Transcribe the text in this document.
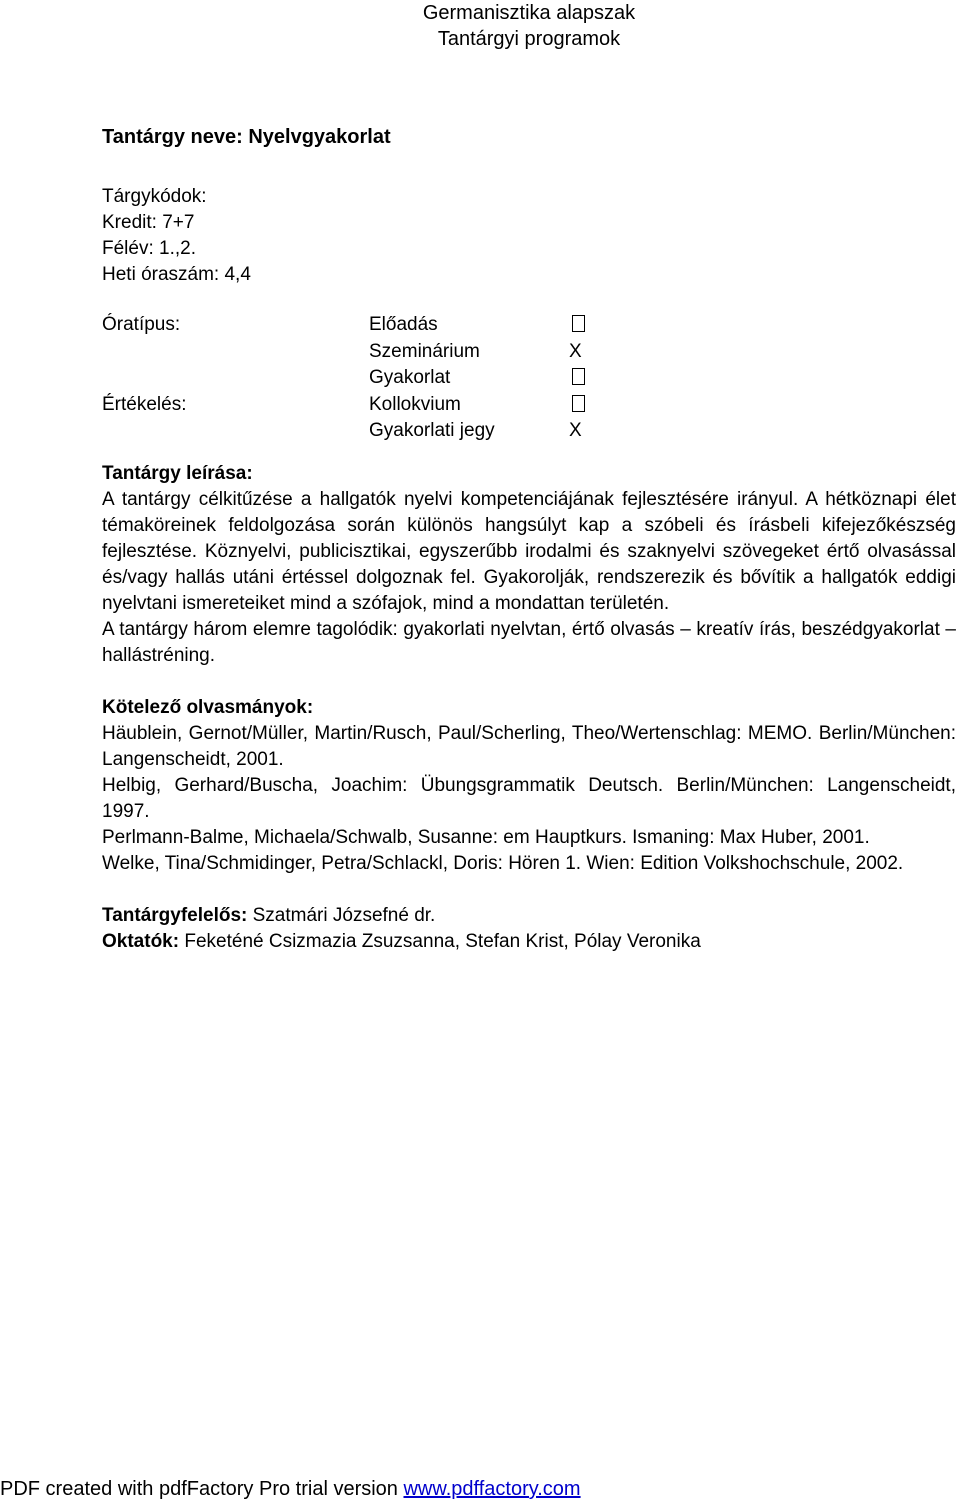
Germanisztika alapszak
Tantárgyi programok
Tantárgy neve: Nyelvgyakorlat
Tárgykódok:
Kredit: 7+7
Félév: 1.,2.
Heti óraszám: 4,4
Óratípus:	Előadás
Szeminárium	X
Gyakorlat
Értékelés:	Kollokvium
Gyakorlati jegy	X
Tantárgy leírása:
A tantárgy célkitűzése a hallgatók nyelvi kompetenciájának fejlesztésére irányul. A hétköznapi élet témaköreinek feldolgozása során különös hangsúlyt kap a szóbeli és írásbeli kifejezőkészség fejlesztése. Köznyelvi, publicisztikai, egyszerűbb irodalmi és szaknyelvi szövegeket értő olvasással és/vagy hallás utáni értéssel dolgoznak fel. Gyakorolják, rendszerezik és bővítik a hallgatók eddigi nyelvtani ismereteiket mind a szófajok, mind a mondattan területén.
A tantárgy három elemre tagolódik: gyakorlati nyelvtan, értő olvasás – kreatív írás, beszédgyakorlat – hallástréning.
Kötelező olvasmányok:
Häublein, Gernot/Müller, Martin/Rusch, Paul/Scherling, Theo/Wertenschlag: MEMO. Berlin/München: Langenscheidt, 2001.
Helbig, Gerhard/Buscha, Joachim: Übungsgrammatik Deutsch. Berlin/München: Langenscheidt, 1997.
Perlmann-Balme, Michaela/Schwalb, Susanne: em Hauptkurs. Ismaning: Max Huber, 2001.
Welke, Tina/Schmidinger, Petra/Schlackl, Doris: Hören 1. Wien: Edition Volkshochschule, 2002.
Tantárgyfelelős: Szatmári Józsefné dr.
Oktatók: Feketéné Csizmazia Zsuzsanna, Stefan Krist, Pólay Veronika
PDF created with pdfFactory Pro trial version www.pdffactory.com
